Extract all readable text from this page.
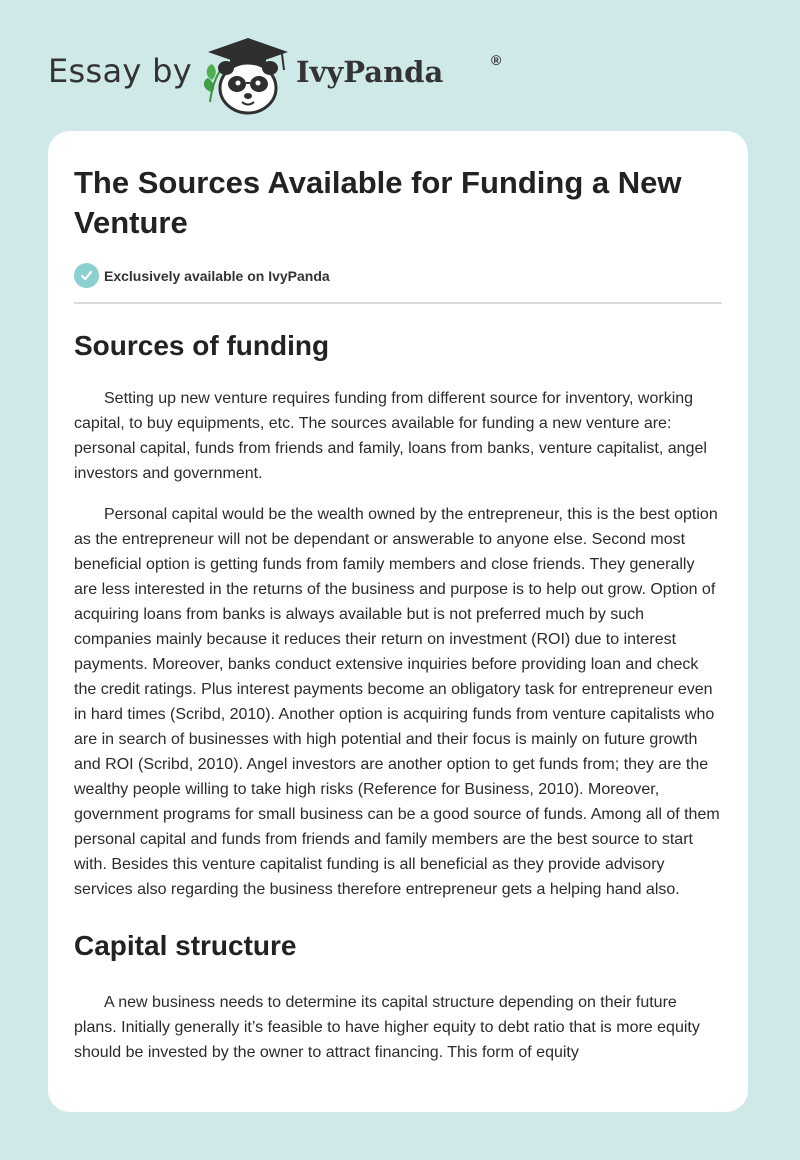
Essay by	IvyPanda	®
The Sources Available for Funding a New Venture
Exclusively available on IvyPanda
Sources of funding

Setting up new venture requires funding from different source for inventory, working capital, to buy equipments, etc. The sources available for funding a new venture are: personal capital, funds from friends and family, loans from banks, venture capitalist, angel investors and government.

Personal capital would be the wealth owned by the entrepreneur, this is the best option as the entrepreneur will not be dependant or answerable to anyone else. Second most beneficial option is getting funds from family members and close friends. They generally are less interested in the returns of the business and purpose is to help out grow. Option of acquiring loans from banks is always available but is not preferred much by such companies mainly because it reduces their return on investment (ROI) due to interest payments. Moreover, banks conduct extensive inquiries before providing loan and check the credit ratings. Plus interest payments become an obligatory task for entrepreneur even in hard times (Scribd, 2010). Another option is acquiring funds from venture capitalists who are in search of businesses with high potential and their focus is mainly on future growth and ROI (Scribd, 2010). Angel investors are another option to get funds from; they are the wealthy people willing to take high risks (Reference for Business, 2010). Moreover, government programs for small business can be a good source of funds. Among all of them personal capital and funds from friends and family members are the best source to start with. Besides this venture capitalist funding is all beneficial as they provide advisory services also regarding the business therefore entrepreneur gets a helping hand also.

Capital structure

A new business needs to determine its capital structure depending on their future plans. Initially generally it’s feasible to have higher equity to debt ratio that is more equity should be invested by the owner to attract financing. This form of equity
